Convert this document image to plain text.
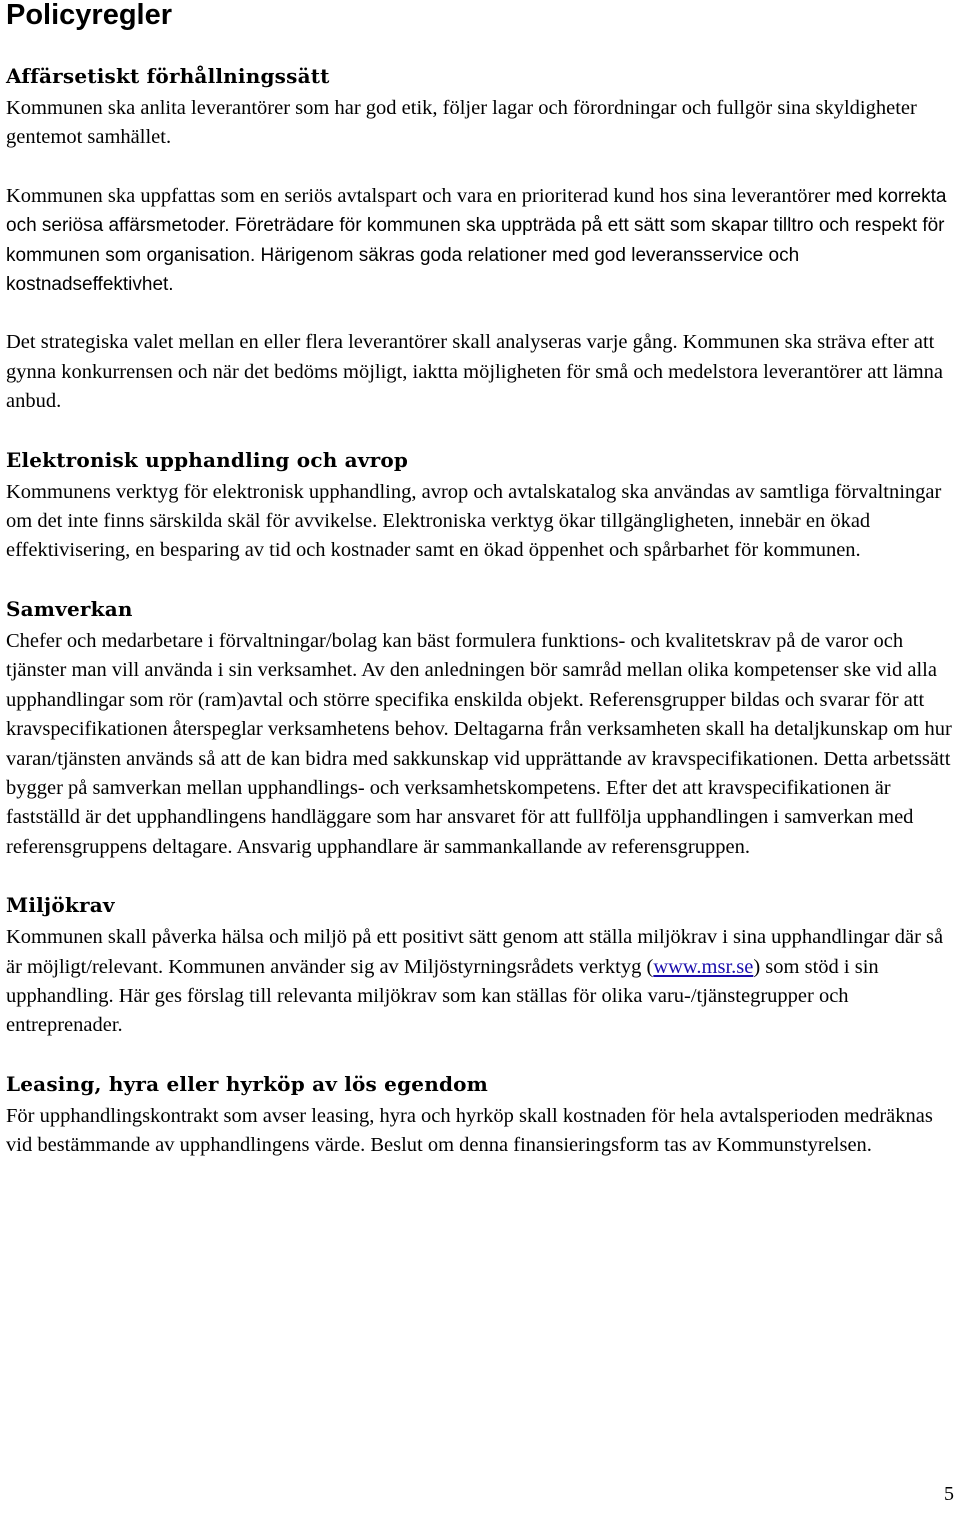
Policyregler
Affärsetiskt förhållningssätt

Kommunen ska anlita leverantörer som har god etik, följer lagar och förordningar och fullgör sina skyldigheter gentemot samhället.

Kommunen ska uppfattas som en seriös avtalspart och vara en prioriterad kund hos sina leverantörer med korrekta och seriösa affärsmetoder. Företrädare för kommunen ska uppträda på ett sätt som skapar tilltro och respekt för kommunen som organisation. Härigenom säkras goda relationer med god leveransservice och kostnadseffektivhet.

Det strategiska valet mellan en eller flera leverantörer skall analyseras varje gång. Kommunen ska sträva efter att gynna konkurrensen och när det bedöms möjligt, iaktta möjligheten för små och medelstora leverantörer att lämna anbud.

Elektronisk upphandling och avrop

Kommunens verktyg för elektronisk upphandling, avrop och avtalskatalog ska användas av samtliga förvaltningar om det inte finns särskilda skäl för avvikelse. Elektroniska verktyg ökar tillgängligheten, innebär en ökad effektivisering, en besparing av tid och kostnader samt en ökad öppenhet och spårbarhet för kommunen.

Samverkan

Chefer och medarbetare i förvaltningar/bolag kan bäst formulera funktions- och kvalitetskrav på de varor och tjänster man vill använda i sin verksamhet. Av den anledningen bör samråd mellan olika kompetenser ske vid alla upphandlingar som rör (ram)avtal och större specifika enskilda objekt. Referensgrupper bildas och svarar för att kravspecifikationen återspeglar verksamhetens behov. Deltagarna från verksamheten skall ha detaljkunskap om hur varan/tjänsten används så att de kan bidra med sakkunskap vid upprättande av kravspecifikationen. Detta arbetssätt bygger på samverkan mellan upphandlings- och verksamhetskompetens. Efter det att kravspecifikationen är fastställd är det upphandlingens handläggare som har ansvaret för att fullfölja upphandlingen i samverkan med referensgruppens deltagare. Ansvarig upphandlare är sammankallande av referensgruppen.

Miljökrav

Kommunen skall påverka hälsa och miljö på ett positivt sätt genom att ställa miljökrav i sina upphandlingar där så är möjligt/relevant. Kommunen använder sig av Miljöstyrningsrådets verktyg (www.msr.se) som stöd i sin upphandling. Här ges förslag till relevanta miljökrav som kan ställas för olika varu-/tjänstegrupper och entreprenader.

Leasing, hyra eller hyrköp av lös egendom

För upphandlingskontrakt som avser leasing, hyra och hyrköp skall kostnaden för hela avtalsperioden medräknas vid bestämmande av upphandlingens värde. Beslut om denna finansieringsform tas av Kommunstyrelsen.

5
